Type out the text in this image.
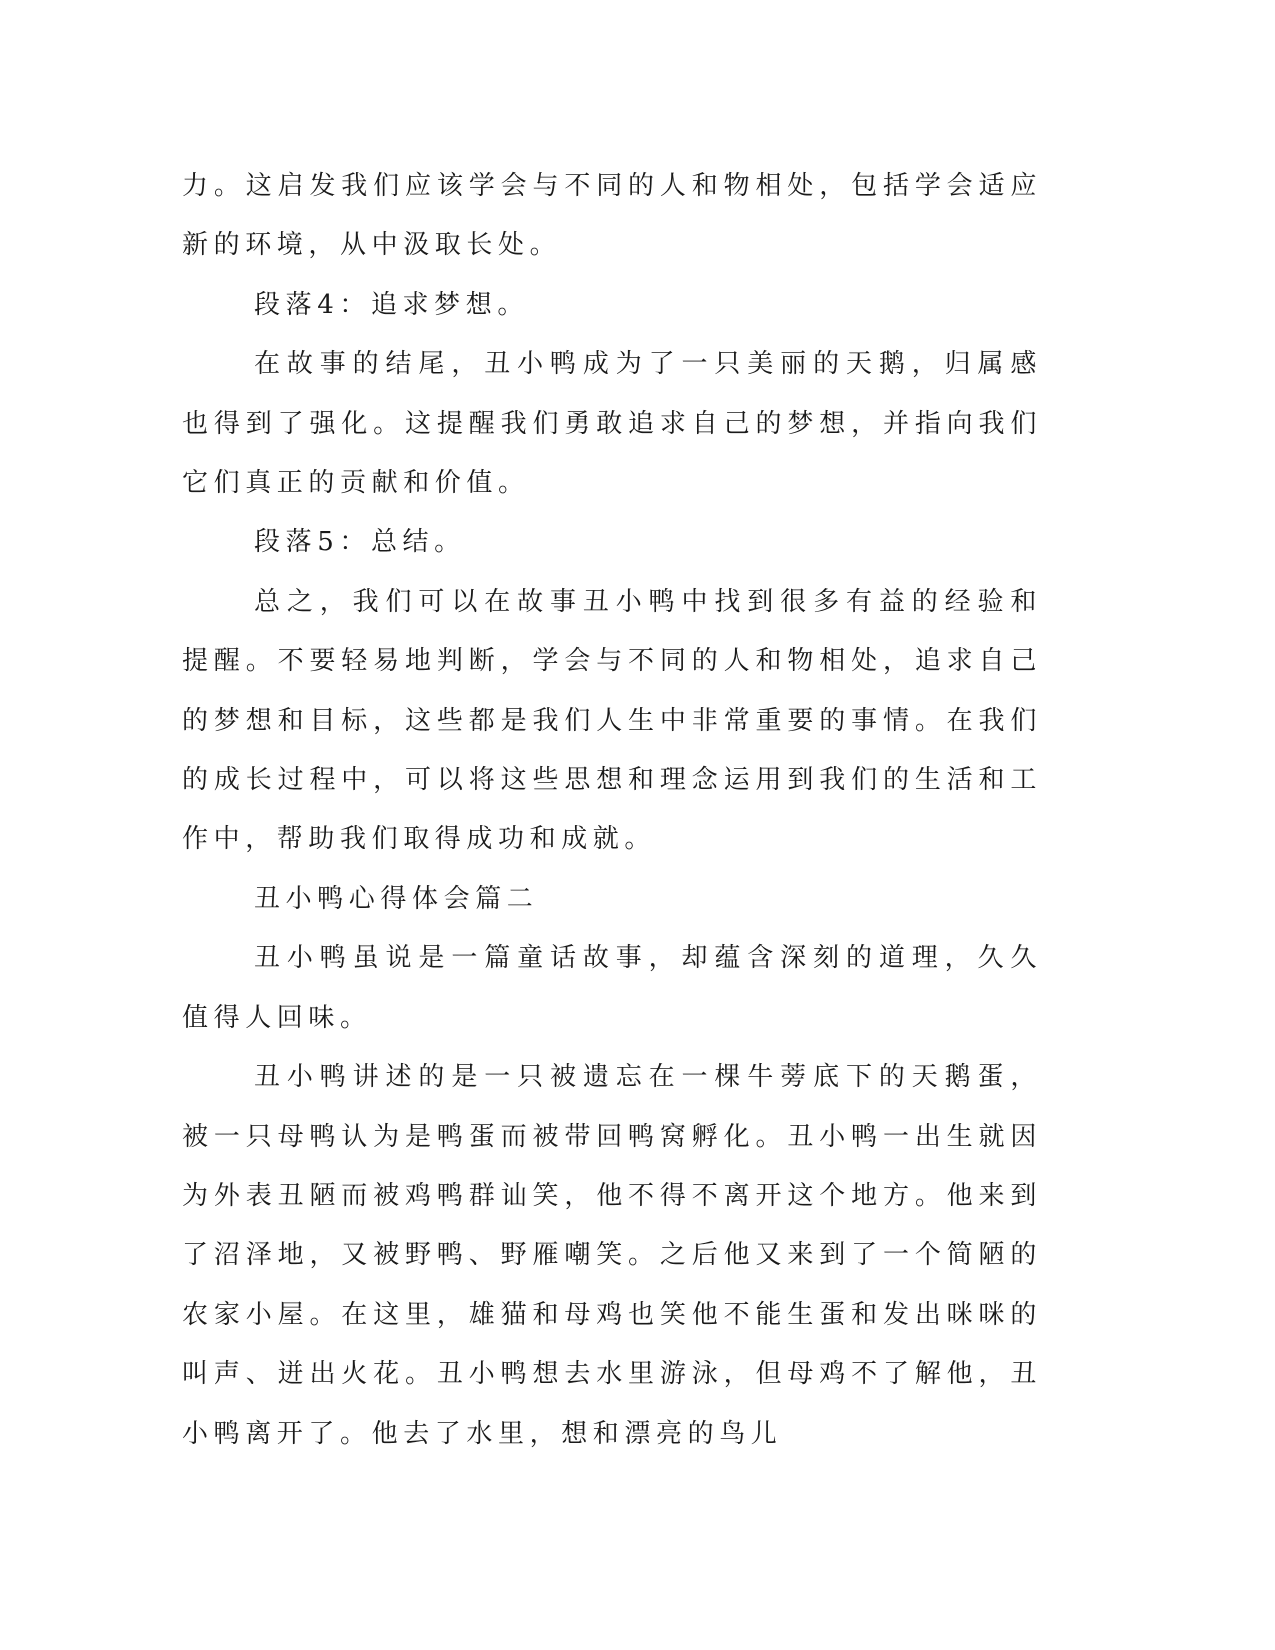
力。这启发我们应该学会与不同的人和物相处，包括学会适应新的环境，从中汲取长处。

段落4：追求梦想。

在故事的结尾，丑小鸭成为了一只美丽的天鹅，归属感也得到了强化。这提醒我们勇敢追求自己的梦想，并指向我们它们真正的贡献和价值。

段落5：总结。

总之，我们可以在故事丑小鸭中找到很多有益的经验和提醒。不要轻易地判断，学会与不同的人和物相处，追求自己的梦想和目标，这些都是我们人生中非常重要的事情。在我们的成长过程中，可以将这些思想和理念运用到我们的生活和工作中，帮助我们取得成功和成就。

丑小鸭心得体会篇二

丑小鸭虽说是一篇童话故事，却蕴含深刻的道理，久久值得人回味。

丑小鸭讲述的是一只被遗忘在一棵牛蒡底下的天鹅蛋，被一只母鸭认为是鸭蛋而被带回鸭窝孵化。丑小鸭一出生就因为外表丑陋而被鸡鸭群讪笑，他不得不离开这个地方。他来到了沼泽地，又被野鸭、野雁嘲笑。之后他又来到了一个简陋的农家小屋。在这里，雄猫和母鸡也笑他不能生蛋和发出咪咪的叫声、迸出火花。丑小鸭想去水里游泳，但母鸡不了解他，丑小鸭离开了。他去了水里，想和漂亮的鸟儿
